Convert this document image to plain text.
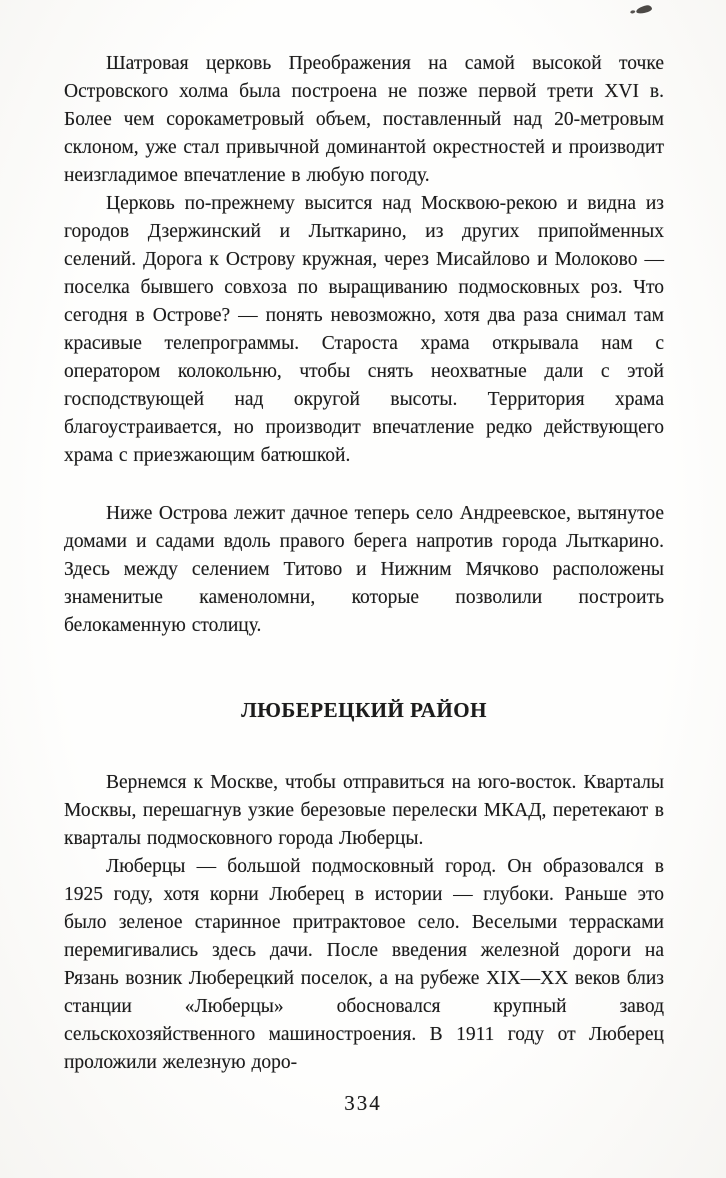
Шатровая церковь Преображения на самой высокой точке Островского холма была построена не позже первой трети XVI в. Более чем сорокаметровый объем, поставленный над 20-метровым склоном, уже стал привычной доминантой окрестностей и производит неизгладимое впечатление в любую погоду.

Церковь по-прежнему высится над Москвою-рекою и видна из городов Дзержинский и Лыткарино, из других припойменных селений. Дорога к Острову кружная, через Мисайлово и Молоково — поселка бывшего совхоза по выращиванию подмосковных роз. Что сегодня в Острове? — понять невозможно, хотя два раза снимал там красивые телепрограммы. Староста храма открывала нам с оператором колокольню, чтобы снять неохватные дали с этой господствующей над округой высоты. Территория храма благоустраивается, но производит впечатление редко действующего храма с приезжающим батюшкой.

Ниже Острова лежит дачное теперь село Андреевское, вытянутое домами и садами вдоль правого берега напротив города Лыткарино. Здесь между селением Титово и Нижним Мячково расположены знаменитые каменоломни, которые позволили построить белокаменную столицу.

ЛЮБЕРЕЦКИЙ РАЙОН

Вернемся к Москве, чтобы отправиться на юго-восток. Кварталы Москвы, перешагнув узкие березовые перелески МКАД, перетекают в кварталы подмосковного города Люберцы.

Люберцы — большой подмосковный город. Он образовался в 1925 году, хотя корни Люберец в истории — глубоки. Раньше это было зеленое старинное притрактовое село. Веселыми террасками перемигивались здесь дачи. После введения железной дороги на Рязань возник Люберецкий поселок, а на рубеже XIX—XX веков близ станции «Люберцы» обосновался крупный завод сельскохозяйственного машиностроения. В 1911 году от Люберец проложили железную доро-

334
